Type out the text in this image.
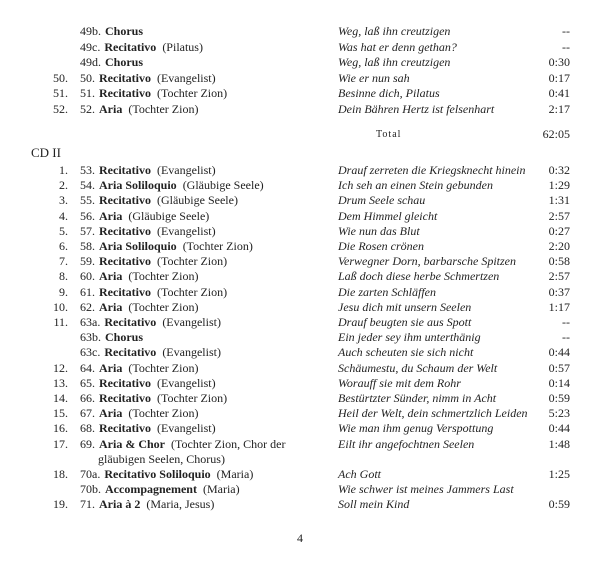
49b. Chorus	Weg, laß ihn creutzigen	--
49c. Recitativo (Pilatus)	Was hat er denn gethan?	--
49d. Chorus	Weg, laß ihn creutzigen	0:30
50. 50. Recitativo (Evangelist)	Wie er nun sah	0:17
51. 51. Recitativo (Tochter Zion)	Besinne dich, Pilatus	0:41
52. 52. Aria (Tochter Zion)	Dein Bähren Hertz ist felsenhart	2:17
Total	62:05
CD II
1. 53. Recitativo (Evangelist)	Drauf zerreten die Kriegsknecht hinein	0:32
2. 54. Aria Soliloquio (Gläubige Seele)	Ich seh an einen Stein gebunden	1:29
3. 55. Recitativo (Gläubige Seele)	Drum Seele schau	1:31
4. 56. Aria (Gläubige Seele)	Dem Himmel gleicht	2:57
5. 57. Recitativo (Evangelist)	Wie nun das Blut	0:27
6. 58. Aria Soliloquio (Tochter Zion)	Die Rosen crönen	2:20
7. 59. Recitativo (Tochter Zion)	Verwegner Dorn, barbarsche Spitzen	0:58
8. 60. Aria (Tochter Zion)	Laß doch diese herbe Schmertzen	2:57
9. 61. Recitativo (Tochter Zion)	Die zarten Schläffen	0:37
10. 62. Aria (Tochter Zion)	Jesu dich mit unsern Seelen	1:17
11. 63a. Recitativo (Evangelist)	Drauf beugten sie aus Spott	--
63b. Chorus	Ein jeder sey ihm unterthänig	--
63c. Recitativo (Evangelist)	Auch scheuten sie sich nicht	0:44
12. 64. Aria (Tochter Zion)	Schäumestu, du Schaum der Welt	0:57
13. 65. Recitativo (Evangelist)	Worauff sie mit dem Rohr	0:14
14. 66. Recitativo (Tochter Zion)	Bestürtzter Sünder, nimm in Acht	0:59
15. 67. Aria (Tochter Zion)	Heil der Welt, dein schmertzlich Leiden	5:23
16. 68. Recitativo (Evangelist)	Wie man ihm genug Verspottung	0:44
17. 69. Aria & Chor (Tochter Zion, Chor der	Eilt ihr angefochtnen Seelen	1:48
gläubigen Seelen, Chorus)
18. 70a. Recitativo Soliloquio (Maria)	Ach Gott	1:25
70b. Accompagnement (Maria)	Wie schwer ist meines Jammers Last
19. 71. Aria à 2 (Maria, Jesus)	Soll mein Kind	0:59
4
